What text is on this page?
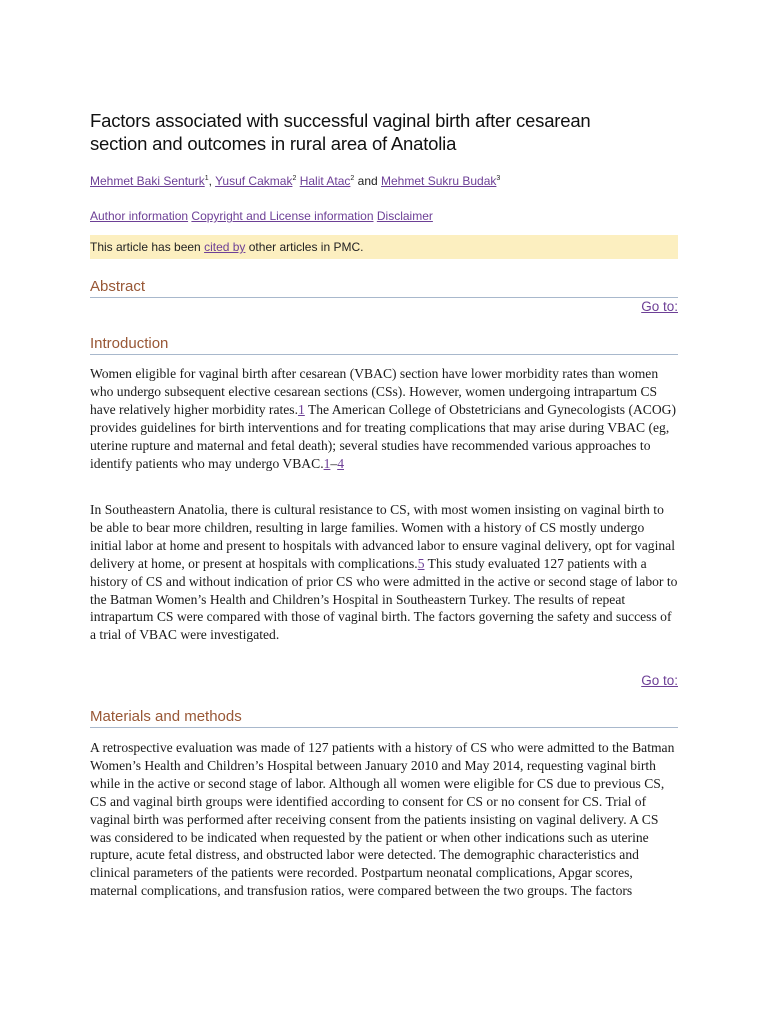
Factors associated with successful vaginal birth after cesarean section and outcomes in rural area of Anatolia
Mehmet Baki Senturk$^1$, Yusuf Cakmak$^2$ Halit Atac$^2$ and Mehmet Sukru Budak$^3$
Author information Copyright and License information Disclaimer
This article has been cited by other articles in PMC.
Abstract
Go to:
Introduction

Women eligible for vaginal birth after cesarean (VBAC) section have lower morbidity rates than women who undergo subsequent elective cesarean sections (CSs). However, women undergoing intrapartum CS have relatively higher morbidity rates.1 The American College of Obstetricians and Gynecologists (ACOG) provides guidelines for birth interventions and for treating complications that may arise during VBAC (eg, uterine rupture and maternal and fetal death); several studies have recommended various approaches to identify patients who may undergo VBAC.1–4

In Southeastern Anatolia, there is cultural resistance to CS, with most women insisting on vaginal birth to be able to bear more children, resulting in large families. Women with a history of CS mostly undergo initial labor at home and present to hospitals with advanced labor to ensure vaginal delivery, opt for vaginal delivery at home, or present at hospitals with complications.5 This study evaluated 127 patients with a history of CS and without indication of prior CS who were admitted in the active or second stage of labor to the Batman Women’s Health and Children’s Hospital in Southeastern Turkey. The results of repeat intrapartum CS were compared with those of vaginal birth. The factors governing the safety and success of a trial of VBAC were investigated.

Go to:
Materials and methods

A retrospective evaluation was made of 127 patients with a history of CS who were admitted to the Batman Women’s Health and Children’s Hospital between January 2010 and May 2014, requesting vaginal birth while in the active or second stage of labor. Although all women were eligible for CS due to previous CS, CS and vaginal birth groups were identified according to consent for CS or no consent for CS. Trial of vaginal birth was performed after receiving consent from the patients insisting on vaginal delivery. A CS was considered to be indicated when requested by the patient or when other indications such as uterine rupture, acute fetal distress, and obstructed labor were detected. The demographic characteristics and clinical parameters of the patients were recorded. Postpartum neonatal complications, Apgar scores, maternal complications, and transfusion ratios, were compared between the two groups. The factors
